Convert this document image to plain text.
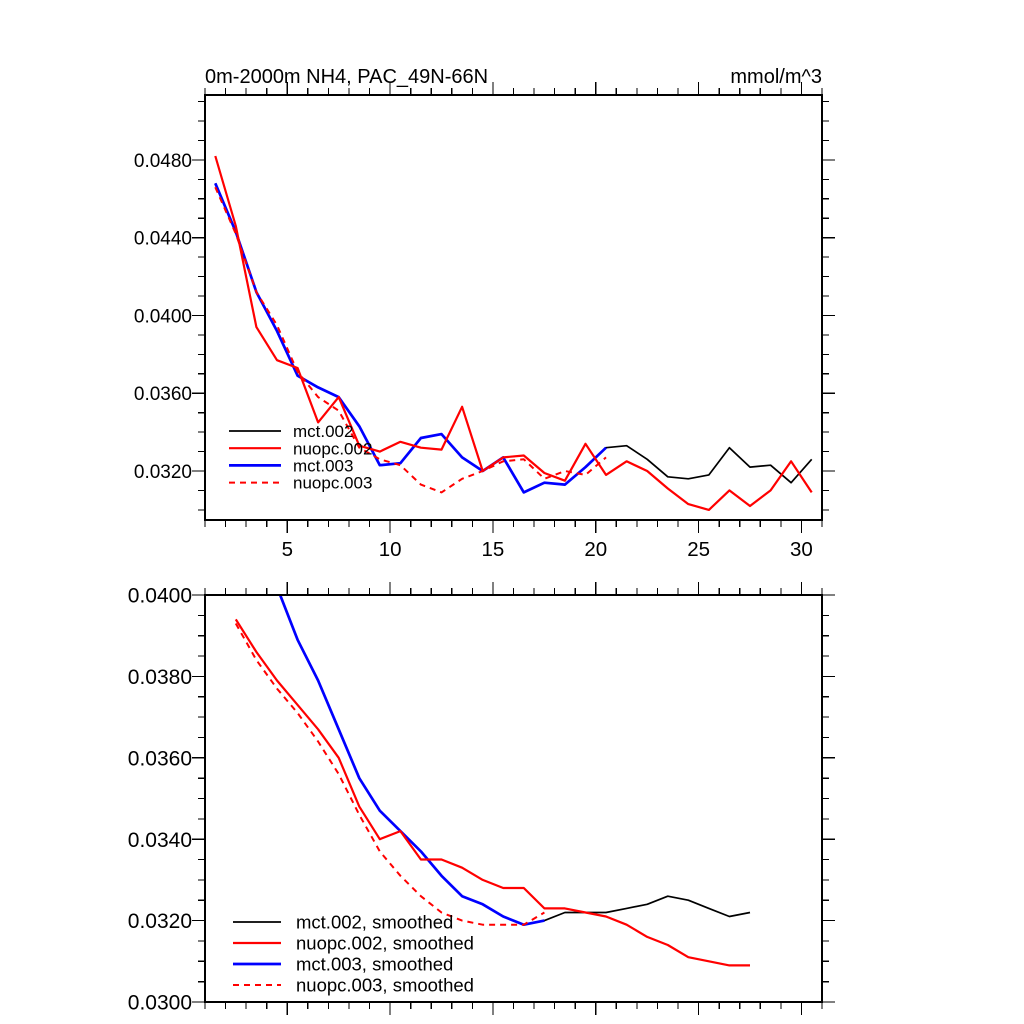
0m-2000m NH4, PAC_49N-66N	mmol/m^3
0.0320
0.0360
0.0400
0.0440
0.0480
5	10	15	20	25	30
mct.002
nuopc.002
mct.003
nuopc.003
0.0300
0.0320
0.0340
0.0360
0.0380
0.0400
mct.002, smoothed
nuopc.002, smoothed
mct.003, smoothed
nuopc.003, smoothed
